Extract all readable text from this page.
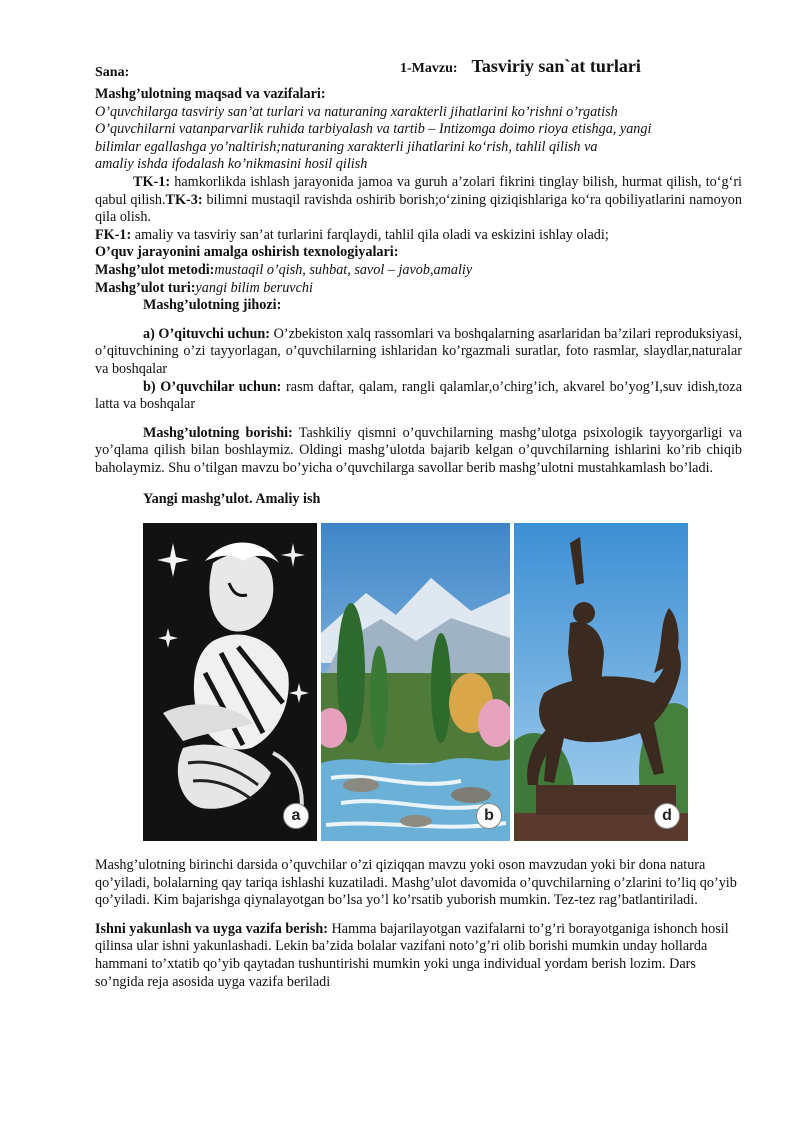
Sana:	1-Mavzu: Tasviriy san`at turlari

Mashg’ulotning maqsad va vazifalari:

O’quvchilarga tasviriy san’at turlari va naturaning xarakterli jihatlarini ko’rishni o’rgatish

O’quvchilarni vatanparvarlik ruhida tarbiyalash va tartib – Intizomga doimo rioya etishga, yangi

bilimlar egallashga yo’naltirish;naturaning xarakterli jihatlarini ko‘rish, tahlil qilish va

amaliy ishda ifodalash ko’nikmasini hosil qilish

TK-1: hamkorlikda ishlash jarayonida jamoa va guruh a’zolari fikrini tinglay bilish, hurmat qilish, to‘g‘ri qabul qilish.TK-3: bilimni mustaqil ravishda oshirib borish;o‘zining qiziqishlariga ko‘ra qobiliyatlarini namoyon qila olish.

FK-1: amaliy va tasviriy san’at turlarini farqlaydi, tahlil qila oladi va eskizini ishlay oladi;

O’quv jarayonini amalga oshirish texnologiyalari:

Mashg’ulot metodi:mustaqil o’qish, suhbat, savol – javob,amaliy

Mashg’ulot turi:yangi bilim beruvchi

Mashg’ulotning jihozi:

a) O’qituvchi uchun: O’zbekiston xalq rassomlari va boshqalarning asarlaridan ba’zilari reproduksiyasi, o’qituvchining o’zi tayyorlagan, o’quvchilarning ishlaridan ko’rgazmali suratlar, foto rasmlar, slaydlar,naturalar va boshqalar

b) O’quvchilar uchun: rasm daftar, qalam, rangli qalamlar,o’chirg’ich, akvarel bo’yog’I,suv idish,toza latta va boshqalar

Mashg’ulotning borishi: Tashkiliy qismni o’quvchilarning mashg’ulotga psixologik tayyorgarligi va yo’qlama qilish bilan boshlaymiz. Oldingi mashg’ulotda bajarib kelgan o’quvchilarning ishlarini ko’rib chiqib baholaymiz. Shu o’tilgan mavzu bo’yicha o’quvchilarga savollar berib mashg’ulotni mustahkamlash bo’ladi.

Yangi mashg’ulot. Amaliy ish

a	b	d

Mashg’ulotning birinchi darsida o’quvchilar o’zi qiziqqan mavzu yoki oson mavzudan yoki bir dona natura qo’yiladi, bolalarning qay tariqa ishlashi kuzatiladi. Mashg’ulot davomida o’quvchilarning o’zlarini to’liq qo’yib qo’yiladi. Kim bajarishga qiynalayotgan bo’lsa yo’l ko’rsatib yuborish mumkin. Tez-tez rag’batlantiriladi.

Ishni yakunlash va uyga vazifa berish: Hamma bajarilayotgan vazifalarni to’g’ri borayotganiga ishonch hosil qilinsa ular ishni yakunlashadi. Lekin ba’zida bolalar vazifani noto’g’ri olib borishi mumkin unday hollarda hammani to’xtatib qo’yib qaytadan tushuntirishi mumkin yoki unga individual yordam berish lozim. Dars so’ngida reja asosida uyga vazifa beriladi
